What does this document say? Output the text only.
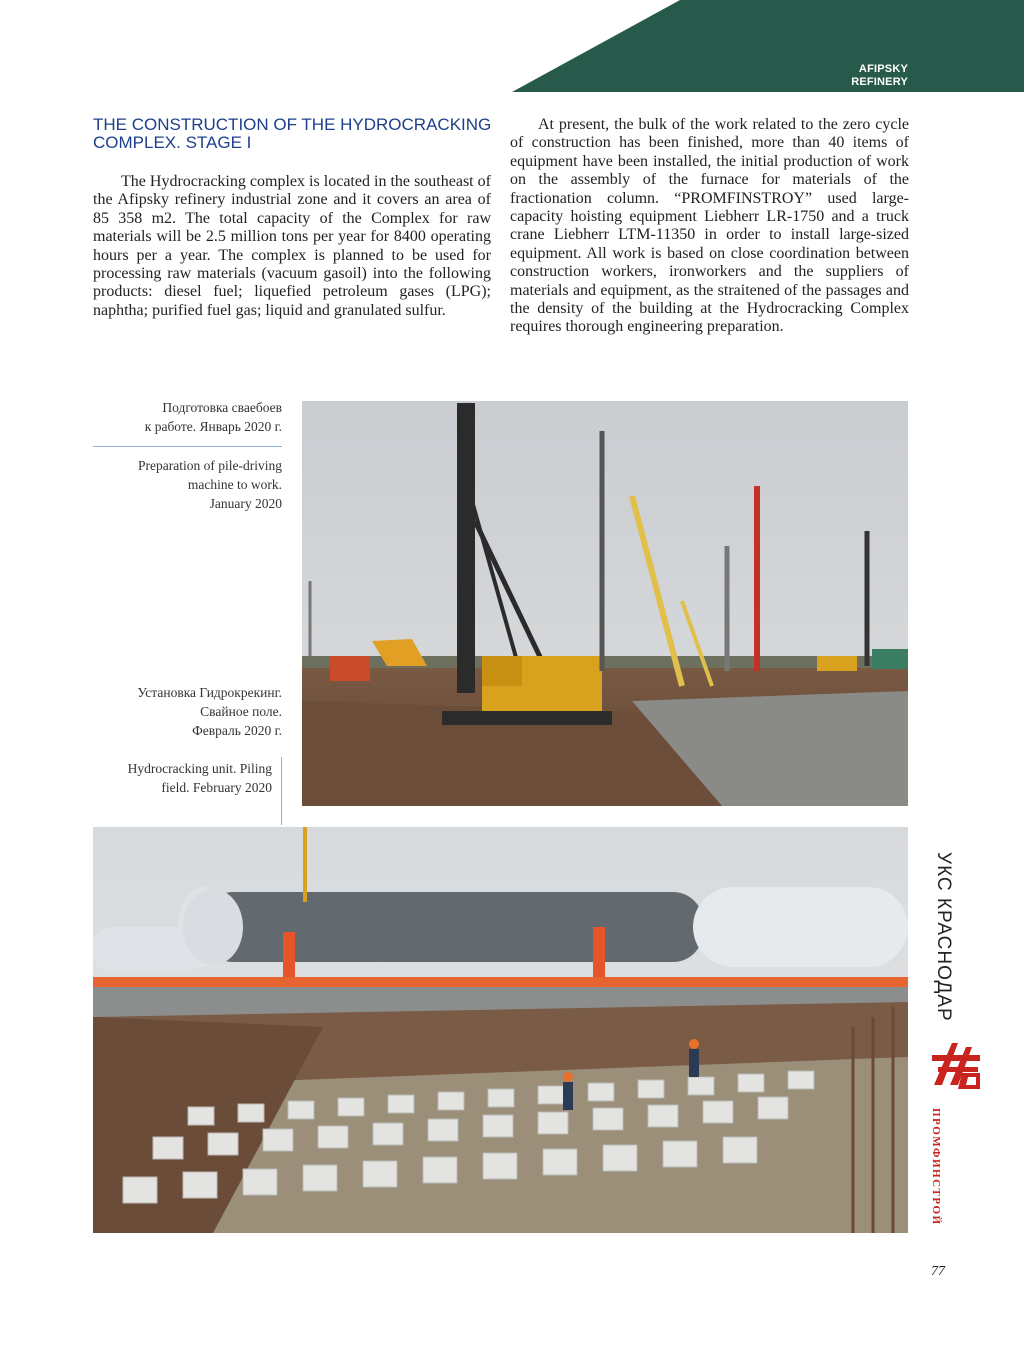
AFIPSKY
REFINERY
THE CONSTRUCTION OF THE HYDROCRACKING COMPLEX. STAGE I

The Hydrocracking complex is located in the southeast of the Afipsky refinery industrial zone and it covers an area of 85 358 m2. The total capacity of the Complex for raw materials will be 2.5 million tons per year for 8400 operating hours per a year. The complex is planned to be used for processing raw materials (vacuum gasoil) into the following products: diesel fuel; liquefied petroleum gases (LPG); naphtha; purified fuel gas; liquid and granulated sulfur.

At present, the bulk of the work related to the zero cycle of construction has been finished, more than 40 items of equipment have been installed, the initial production of work on the assembly of the furnace for materials of the fractionation column. “PROMFINSTROY” used large-capacity hoisting equipment Liebherr LR-1750 and a truck crane Liebherr LTM-11350 in order to install large-sized equipment. All work is based on close coordination between construction workers, ironworkers and the suppliers of materials and equipment, as the straitened of the passages and the density of the building at the Hydrocracking Complex requires thorough engineering preparation.

Подготовка сваебоев
к работе. Январь 2020 г.
Preparation of pile-driving
machine to work.
January 2020
Установка Гидрокрекинг.
Свайное поле.
Февраль 2020 г.
Hydrocracking unit. Piling
field. February 2020
УКС КРАСНОДАР
ПРОМФИНСТРОЙ
77
